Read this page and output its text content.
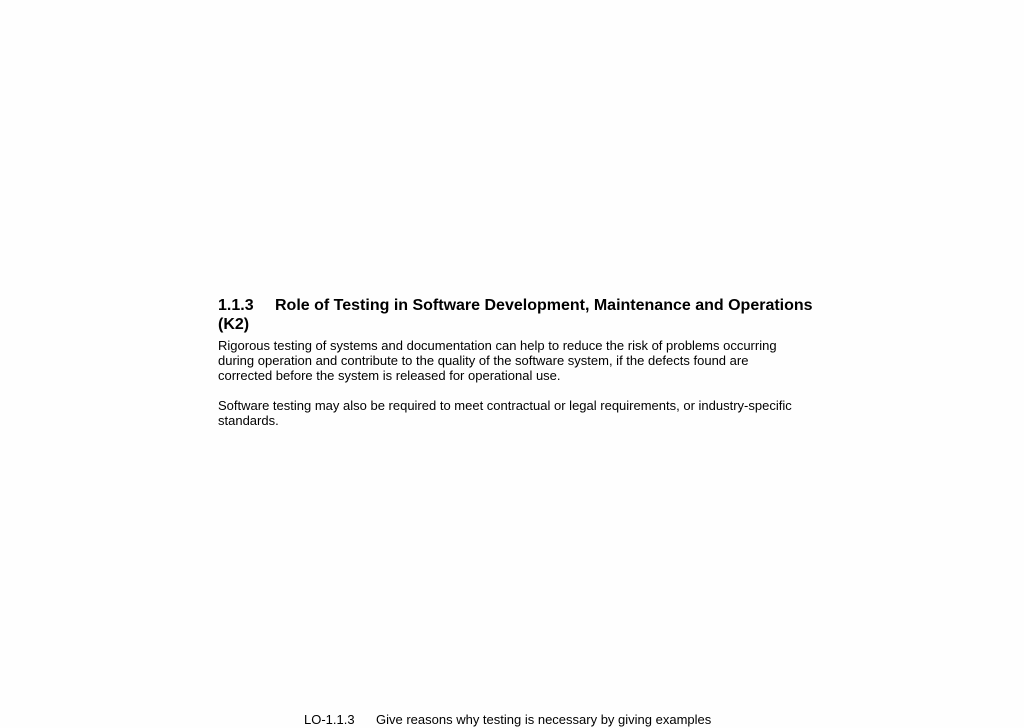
1.1.3 Role of Testing in Software Development, Maintenance and Operations (K2)

Rigorous testing of systems and documentation can help to reduce the risk of problems occurring during operation and contribute to the quality of the software system, if the defects found are corrected before the system is released for operational use.

Software testing may also be required to meet contractual or legal requirements, or industry-specific standards.

LO-1.1.3 Give reasons why testing is necessary by giving examples
